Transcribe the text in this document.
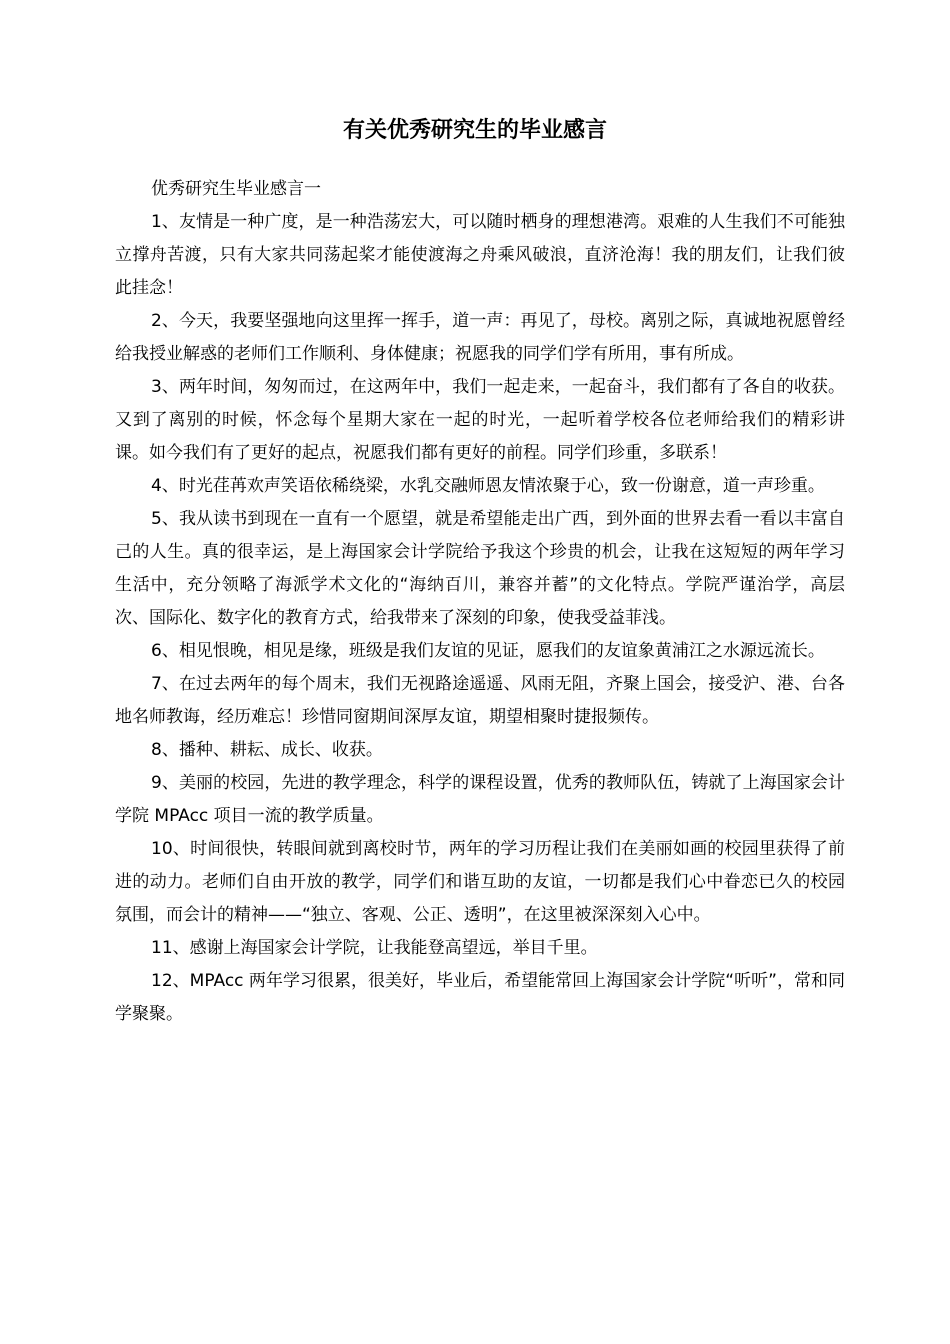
有关优秀研究生的毕业感言

优秀研究生毕业感言一

1、友情是一种广度，是一种浩荡宏大，可以随时栖身的理想港湾。艰难的人生我们不可能独立撑舟苦渡，只有大家共同荡起桨才能使渡海之舟乘风破浪，直济沧海！我的朋友们，让我们彼此挂念！

2、今天，我要坚强地向这里挥一挥手，道一声：再见了，母校。离别之际，真诚地祝愿曾经给我授业解惑的老师们工作顺利、身体健康；祝愿我的同学们学有所用，事有所成。

3、两年时间，匆匆而过，在这两年中，我们一起走来，一起奋斗，我们都有了各自的收获。又到了离别的时候，怀念每个星期大家在一起的时光，一起听着学校各位老师给我们的精彩讲课。如今我们有了更好的起点，祝愿我们都有更好的前程。同学们珍重，多联系！

4、时光荏苒欢声笑语依稀绕梁，水乳交融师恩友情浓聚于心，致一份谢意，道一声珍重。

5、我从读书到现在一直有一个愿望，就是希望能走出广西，到外面的世界去看一看以丰富自己的人生。真的很幸运，是上海国家会计学院给予我这个珍贵的机会，让我在这短短的两年学习生活中，充分领略了海派学术文化的“海纳百川，兼容并蓄”的文化特点。学院严谨治学，高层次、国际化、数字化的教育方式，给我带来了深刻的印象，使我受益菲浅。

6、相见恨晚，相见是缘，班级是我们友谊的见证，愿我们的友谊象黄浦江之水源远流长。

7、在过去两年的每个周末，我们无视路途遥遥、风雨无阻，齐聚上国会，接受沪、港、台各地名师教诲，经历难忘！珍惜同窗期间深厚友谊，期望相聚时捷报频传。

8、播种、耕耘、成长、收获。

9、美丽的校园，先进的教学理念，科学的课程设置，优秀的教师队伍，铸就了上海国家会计学院 MPAcc 项目一流的教学质量。

10、时间很快，转眼间就到离校时节，两年的学习历程让我们在美丽如画的校园里获得了前进的动力。老师们自由开放的教学，同学们和谐互助的友谊，一切都是我们心中眷恋已久的校园氛围，而会计的精神——“独立、客观、公正、透明”，在这里被深深刻入心中。

11、感谢上海国家会计学院，让我能登高望远，举目千里。

12、MPAcc 两年学习很累，很美好，毕业后，希望能常回上海国家会计学院“听听”，常和同学聚聚。
